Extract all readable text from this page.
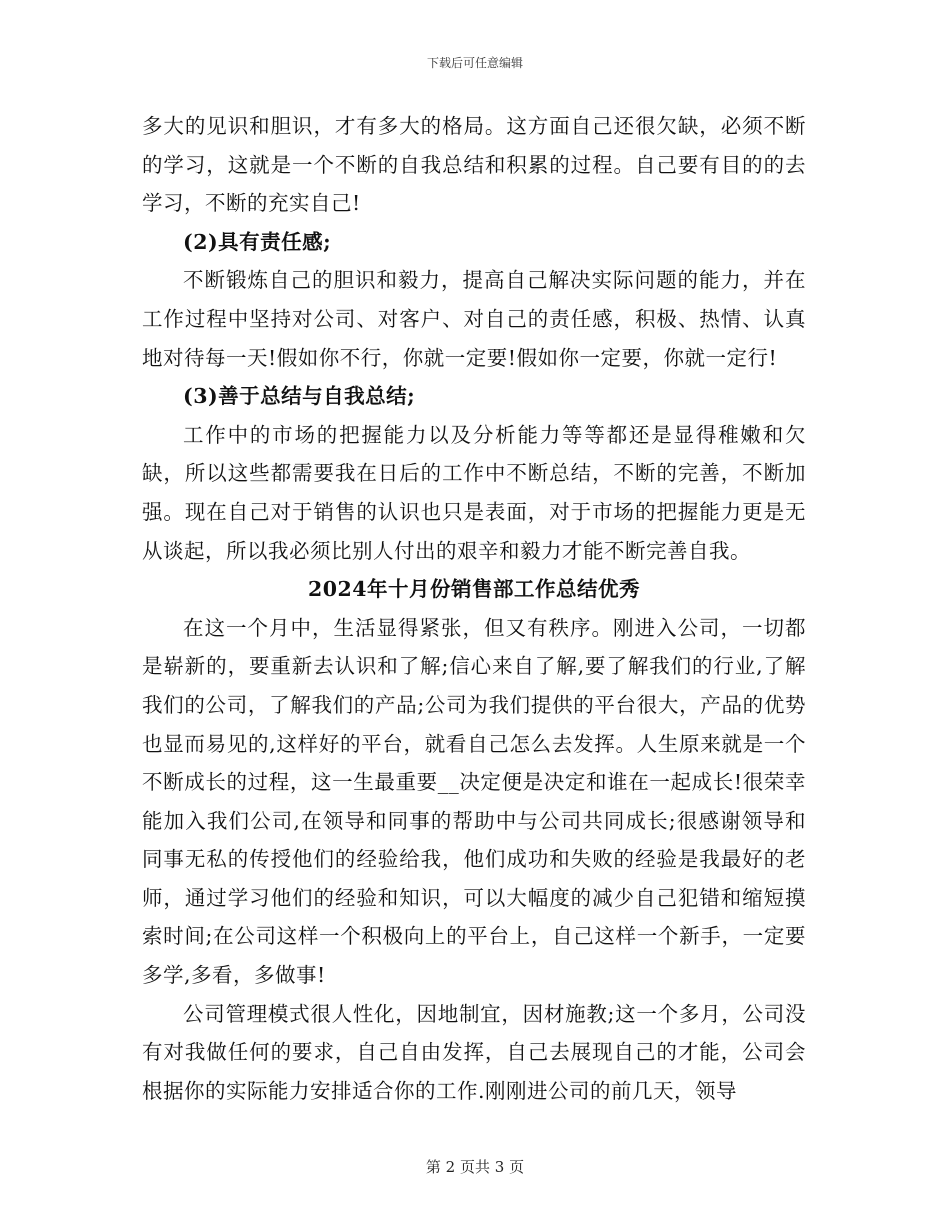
下载后可任意编辑

多大的见识和胆识，才有多大的格局。这方面自己还很欠缺，必须不断的学习，这就是一个不断的自我总结和积累的过程。自己要有目的的去学习，不断的充实自己!

(2)具有责任感;

不断锻炼自己的胆识和毅力，提高自己解决实际问题的能力，并在工作过程中坚持对公司、对客户、对自己的责任感，积极、热情、认真地对待每一天!假如你不行，你就一定要!假如你一定要，你就一定行!

(3)善于总结与自我总结;

工作中的市场的把握能力以及分析能力等等都还是显得稚嫩和欠缺，所以这些都需要我在日后的工作中不断总结，不断的完善，不断加强。现在自己对于销售的认识也只是表面，对于市场的把握能力更是无从谈起，所以我必须比别人付出的艰辛和毅力才能不断完善自我。

2024年十月份销售部工作总结优秀

在这一个月中，生活显得紧张，但又有秩序。刚进入公司，一切都是崭新的，要重新去认识和了解;信心来自了解,要了解我们的行业,了解我们的公司，了解我们的产品;公司为我们提供的平台很大，产品的优势也显而易见的,这样好的平台，就看自己怎么去发挥。人生原来就是一个不断成长的过程，这一生最重要__决定便是决定和谁在一起成长!很荣幸能加入我们公司,在领导和同事的帮助中与公司共同成长;很感谢领导和同事无私的传授他们的经验给我，他们成功和失败的经验是我最好的老师，通过学习他们的经验和知识，可以大幅度的减少自己犯错和缩短摸索时间;在公司这样一个积极向上的平台上，自己这样一个新手，一定要多学,多看，多做事!

公司管理模式很人性化，因地制宜，因材施教;这一个多月，公司没有对我做任何的要求，自己自由发挥，自己去展现自己的才能，公司会根据你的实际能力安排适合你的工作.刚刚进公司的前几天，领导

第 2 页共 3 页
